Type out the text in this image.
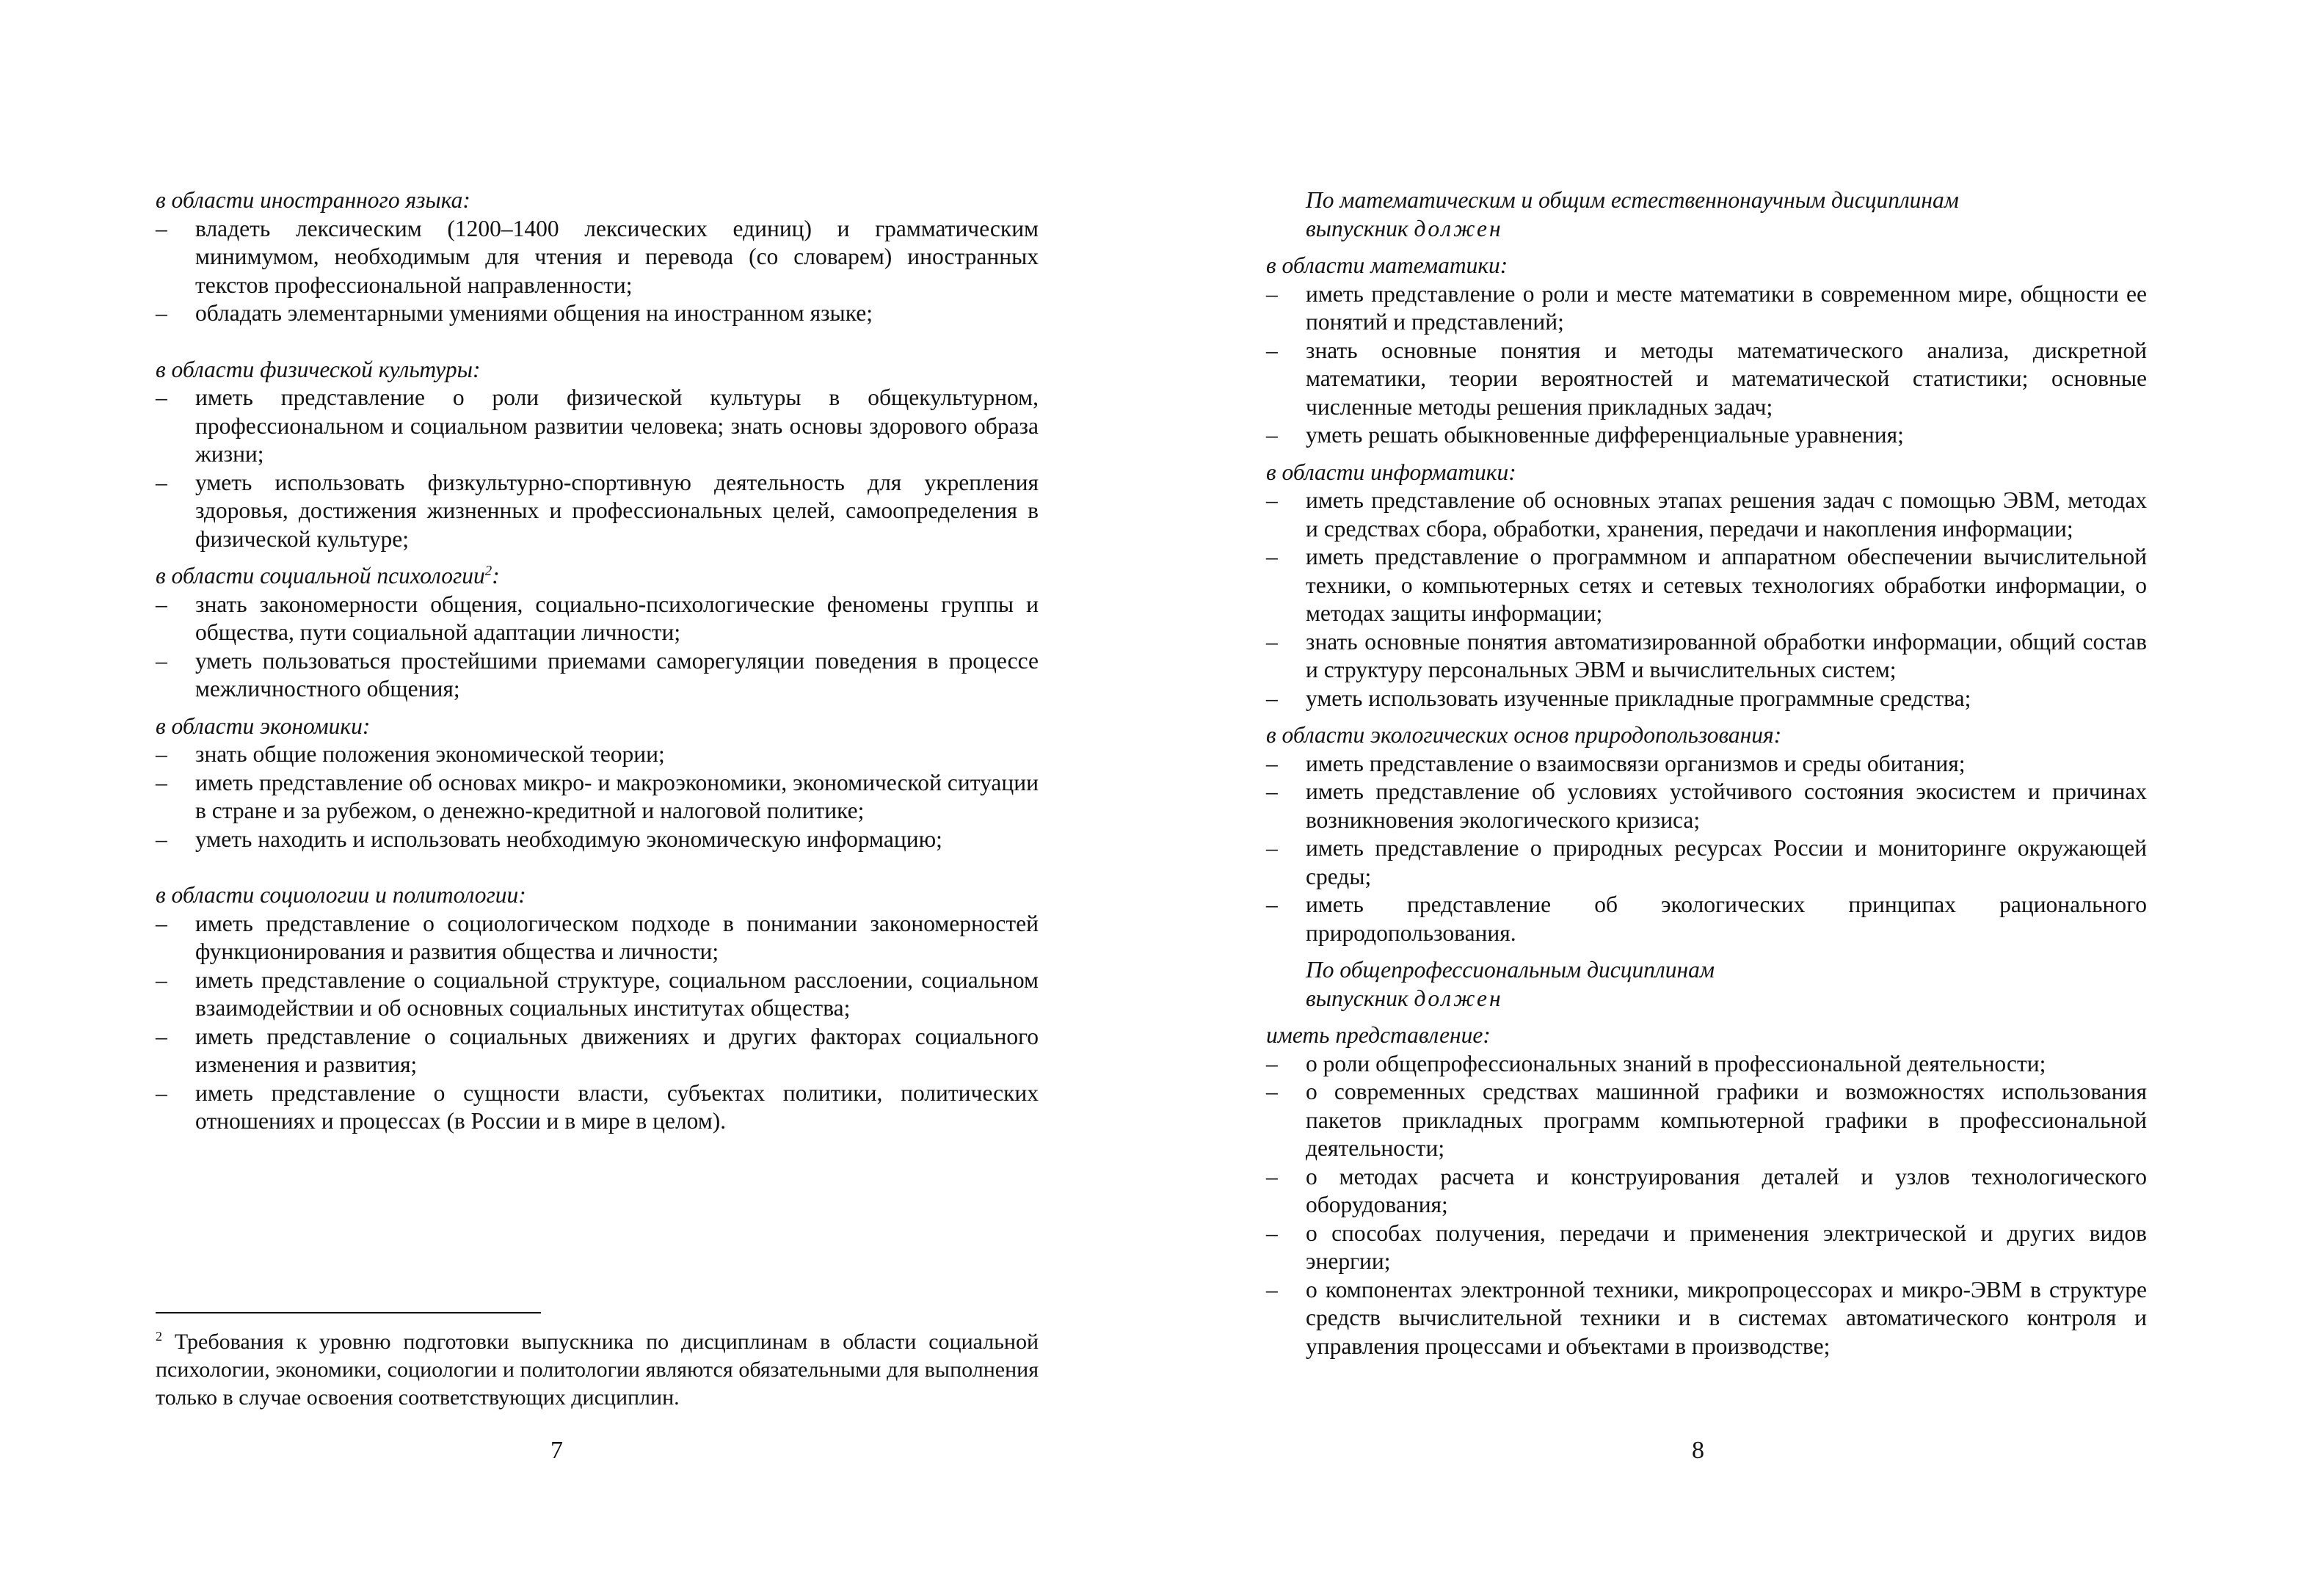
в области иностранного языка:
– владеть лексическим (1200–1400 лексических единиц) и грамматическим минимумом, необходимым для чтения и перевода (со словарем) иностранных текстов профессиональной направленности;
– обладать элементарными умениями общения на иностранном языке;
в области физической культуры:
– иметь представление о роли физической культуры в общекультурном, профессиональном и социальном развитии человека; знать основы здорового образа жизни;
– уметь использовать физкультурно-спортивную деятельность для укрепления здоровья, достижения жизненных и профессиональных целей, самоопределения в физической культуре;
в области социальной психологии$^2$:
– знать закономерности общения, социально-психологические феномены группы и общества, пути социальной адаптации личности;
– уметь пользоваться простейшими приемами саморегуляции поведения в процессе межличностного общения;
в области экономики:
– знать общие положения экономической теории;
– иметь представление об основах микро- и макроэкономики, экономической ситуации в стране и за рубежом, о денежно-кредитной и налоговой политике;
– уметь находить и использовать необходимую экономическую информацию;
в области социологии и политологии:
– иметь представление о социологическом подходе в понимании закономерностей функционирования и развития общества и личности;
– иметь представление о социальной структуре, социальном расслоении, социальном взаимодействии и об основных социальных институтах общества;
– иметь представление о социальных движениях и других факторах социального изменения и развития;
– иметь представление о сущности власти, субъектах политики, политических отношениях и процессах (в России и в мире в целом).
$^2$ Требования к уровню подготовки выпускника по дисциплинам в области социальной психологии, экономики, социологии и политологии являются обязательными для выполнения только в случае освоения соответствующих дисциплин.
7
По математическим и общим естественнонаучным дисциплинам
выпускник должен
в области математики:
– иметь представление о роли и месте математики в современном мире, общности ее понятий и представлений;
– знать основные понятия и методы математического анализа, дискретной математики, теории вероятностей и математической статистики; основные численные методы решения прикладных задач;
– уметь решать обыкновенные дифференциальные уравнения;
в области информатики:
– иметь представление об основных этапах решения задач с помощью ЭВМ, методах и средствах сбора, обработки, хранения, передачи и накопления информации;
– иметь представление о программном и аппаратном обеспечении вычислительной техники, о компьютерных сетях и сетевых технологиях обработки информации, о методах защиты информации;
– знать основные понятия автоматизированной обработки информации, общий состав и структуру персональных ЭВМ и вычислительных систем;
– уметь использовать изученные прикладные программные средства;
в области экологических основ природопользования:
– иметь представление о взаимосвязи организмов и среды обитания;
– иметь представление об условиях устойчивого состояния экосистем и причинах возникновения экологического кризиса;
– иметь представление о природных ресурсах России и мониторинге окружающей среды;
– иметь представление об экологических принципах рационального природопользования.
По общепрофессиональным дисциплинам
выпускник должен
иметь представление:
– о роли общепрофессиональных знаний в профессиональной деятельности;
– о современных средствах машинной графики и возможностях использования пакетов прикладных программ компьютерной графики в профессиональной деятельности;
– о методах расчета и конструирования деталей и узлов технологического оборудования;
– о способах получения, передачи и применения электрической и других видов энергии;
– о компонентах электронной техники, микропроцессорах и микро-ЭВМ в структуре средств вычислительной техники и в системах автоматического контроля и управления процессами и объектами в производстве;
8
